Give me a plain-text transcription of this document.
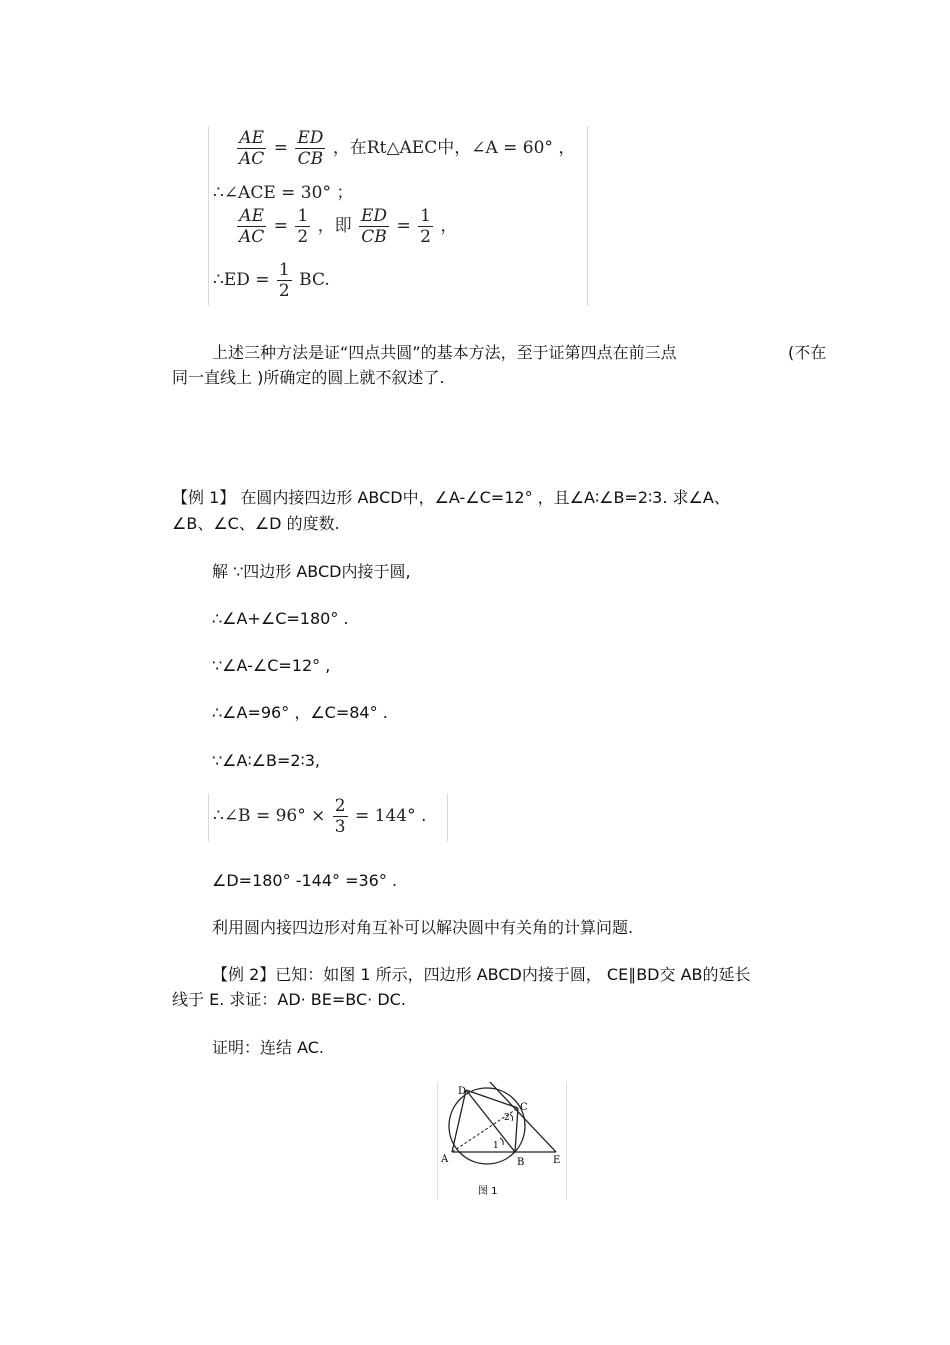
$\frac{AE}{AC} = \frac{ED}{CB}$ ，在Rt△AEC中，∠A = 60° ，
∴∠ACE = 30° ；
$\frac{AE}{AC} = \frac{1}{2}$ ，即 $\frac{ED}{CB} = \frac{1}{2}$ ，
∴ED = $\frac{1}{2}$ BC.
上述三种方法是证“四点共圆”的基本方法，至于证第四点在前三点	(不在
同一直线上 )所确定的圆上就不叙述了.
【例 1】 在圆内接四边形 ABCD中，∠A-∠C=12° ，且∠A∶∠B=2∶3. 求∠A、
∠B、∠C、∠D 的度数.
解 ∵四边形 ABCD内接于圆,
∴∠A+∠C=180° .
∵∠A-∠C=12° ,
∴∠A=96° ，∠C=84° .
∵∠A∶∠B=2∶3,
∴∠B = $96^\circ \times \frac{2}{3} = 144^\circ$ .
∠D=180° -144° =36° .
利用圆内接四边形对角互补可以解决圆中有关角的计算问题.
【例 2】已知：如图 1 所示，四边形 ABCD内接于圆， CE∥BD交 AB的延长
线于 E. 求证：AD· BE=BC· DC.
证明：连结 AC.
D
C
A	B	E
1
2
图 1
